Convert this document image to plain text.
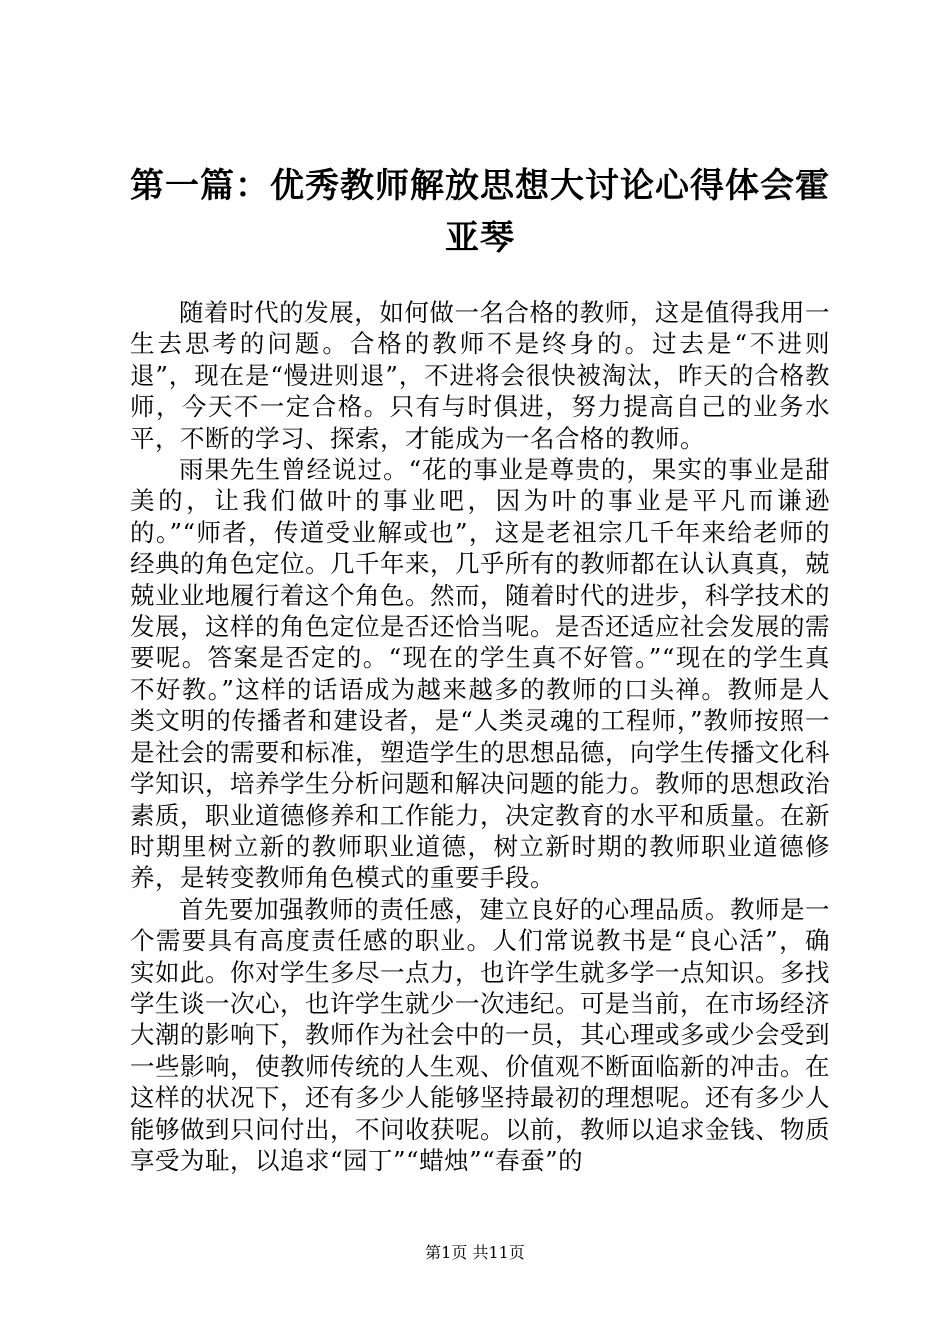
第一篇：优秀教师解放思想大讨论心得体会霍
亚琴

随着时代的发展，如何做一名合格的教师，这是值得我用一生去思考的问题。合格的教师不是终身的。过去是“不进则退”，现在是“慢进则退”，不进将会很快被淘汰，昨天的合格教师，今天不一定合格。只有与时俱进，努力提高自己的业务水平，不断的学习、探索，才能成为一名合格的教师。

雨果先生曾经说过。“花的事业是尊贵的，果实的事业是甜美的，让我们做叶的事业吧，因为叶的事业是平凡而谦逊的。”“师者，传道受业解或也”，这是老祖宗几千年来给老师的经典的角色定位。几千年来，几乎所有的教师都在认认真真，兢兢业业地履行着这个角色。然而，随着时代的进步，科学技术的发展，这样的角色定位是否还恰当呢。是否还适应社会发展的需要呢。答案是否定的。“现在的学生真不好管。”“现在的学生真不好教。”这样的话语成为越来越多的教师的口头禅。教师是人类文明的传播者和建设者，是“人类灵魂的工程师，”教师按照一是社会的需要和标准，塑造学生的思想品德，向学生传播文化科学知识，培养学生分析问题和解决问题的能力。教师的思想政治素质，职业道德修养和工作能力，决定教育的水平和质量。在新时期里树立新的教师职业道德，树立新时期的教师职业道德修养，是转变教师角色模式的重要手段。

首先要加强教师的责任感，建立良好的心理品质。教师是一个需要具有高度责任感的职业。人们常说教书是“良心活”，确实如此。你对学生多尽一点力，也许学生就多学一点知识。多找学生谈一次心，也许学生就少一次违纪。可是当前，在市场经济大潮的影响下，教师作为社会中的一员，其心理或多或少会受到一些影响，使教师传统的人生观、价值观不断面临新的冲击。在这样的状况下，还有多少人能够坚持最初的理想呢。还有多少人能够做到只问付出，不问收获呢。以前，教师以追求金钱、物质享受为耻，以追求“园丁”“蜡烛”“春蚕”的

第1页 共11页
